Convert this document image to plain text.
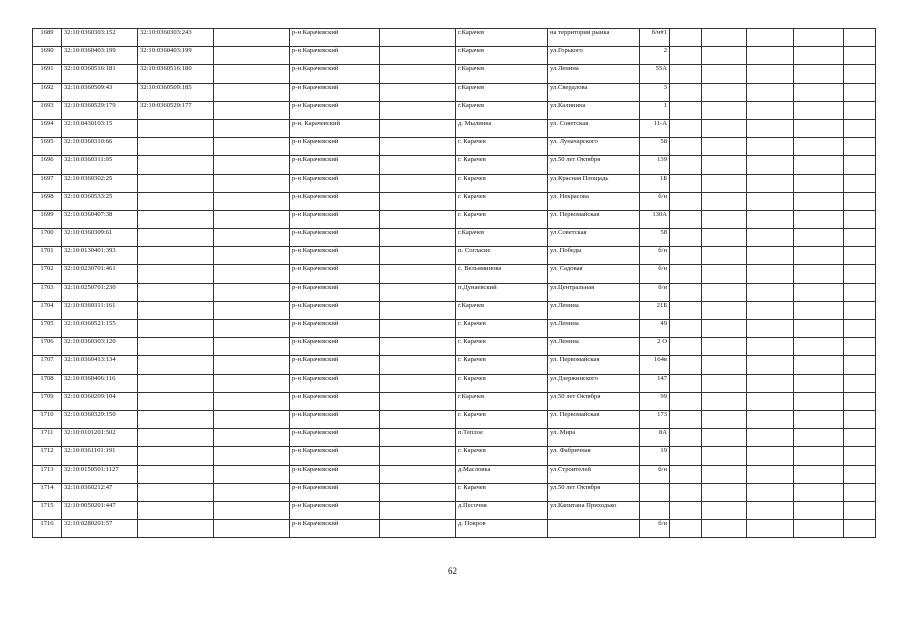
1689	32:10:0360303:152	32:10:0360303:243		р-н Карачевский		г.Карачев	на территории рынка	б/н#1					
1690	32:10:0360403:199	32:10:0360403:199		р-н Карачевский		г.Карачев	ул.Горького	2					
1691	32:10:0360516:181	32:10:0360516:180		р-н.Карачевский		г.Карачев	ул.Ленина	55А					
1692	32:10:0360509:43	32:10:0360509:185		р-н Карачевский		г.Карачев	ул.Свердлова	3					
1693	32:10:0360529:179	32:10:0360529:177		р-н Карачевский		г.Карачев	ул.Калинина	1					
1694	32:10:0430103:15			р-н. Карачевский		д. Мылинка	ул. Советская	11-А					
1695	32:10:0360310:66			р-н Карачевский		г. Карачев	ул. Луначарского	58					
1696	32:10:0360311:95			р-н.Карачевский		г. Карачев	ул.50 лет Октября	139					
1697	32:10:0360302:25			р-н Карачевский		г. Карачев	ул.Красная Площадь	1Б					
1698	32:10:0360533:25			р-н.Карачевский		г. Карачев	ул. Некрасова	б/н					
1699	32:10:0360407:38			р-н Карачевский		г. Карачев	ул. Первомайская	130А					
1700	32:10:0360309:61			р-н.Карачевский		г.Карачев	ул.Советская	58					
1701	32:10:0130401:393			р-н Карачевский		п. Согласие	ул. Победы	б/н					
1702	32:10:0230701:461			р-н Карачевский		с. Вельяминова	ул. Садовая	б/н					
1703	32:10:0250701:230			р-н Карачевский		п.Дунаевский	ул.Центральная	б/н					
1704	32:10:0360311:161			р-н.Карачевский		г.Карачев	ул.Ленина	21Б					
1705	32:10:0360521:155			р-н Карачевский		г. Карачев	ул.Ленина	49					
1706	32:10:0360303:120			р-н.Карачевский		г. Карачев	ул.Ленина	2 О					
1707	32:10:0360413:134			р-н.Карачевский		г. Карачев	ул. Первомайская	164в					
1708	32:10:0360406:116			р-н Карачевский		г. Карачев	ул.Дзержинского	147					
1709	32:10:0360209:104			р-н Карачевский		г.Карачев	ул.50 лет Октября	99					
1710	32:10:0360329:150			р-н.Карачевский		г. Карачев	ул. Первомайская	173					
1711	32:10:0101201:502			р-н.Карачевский		п.Теплое	ул. Мира	8А					
1712	32:10:0361101:191			р-н Карачевский		г. Карачев	ул. Фабричная	19					
1713	32:10:0150501:1127			р-н.Карачевский		д.Масловка	ул.Строителей	б/н					
1714	32:10:0360212:47			р-н Карачевский		г. Карачев	ул.50 лет Октября						
1715	32:10:0050201:447			р-н Карачевский		д.Песочня	ул.Капитана Приходько						
1716	32:10:0280201:57			р-н Карачевский		д. Покров		б/н					
62
